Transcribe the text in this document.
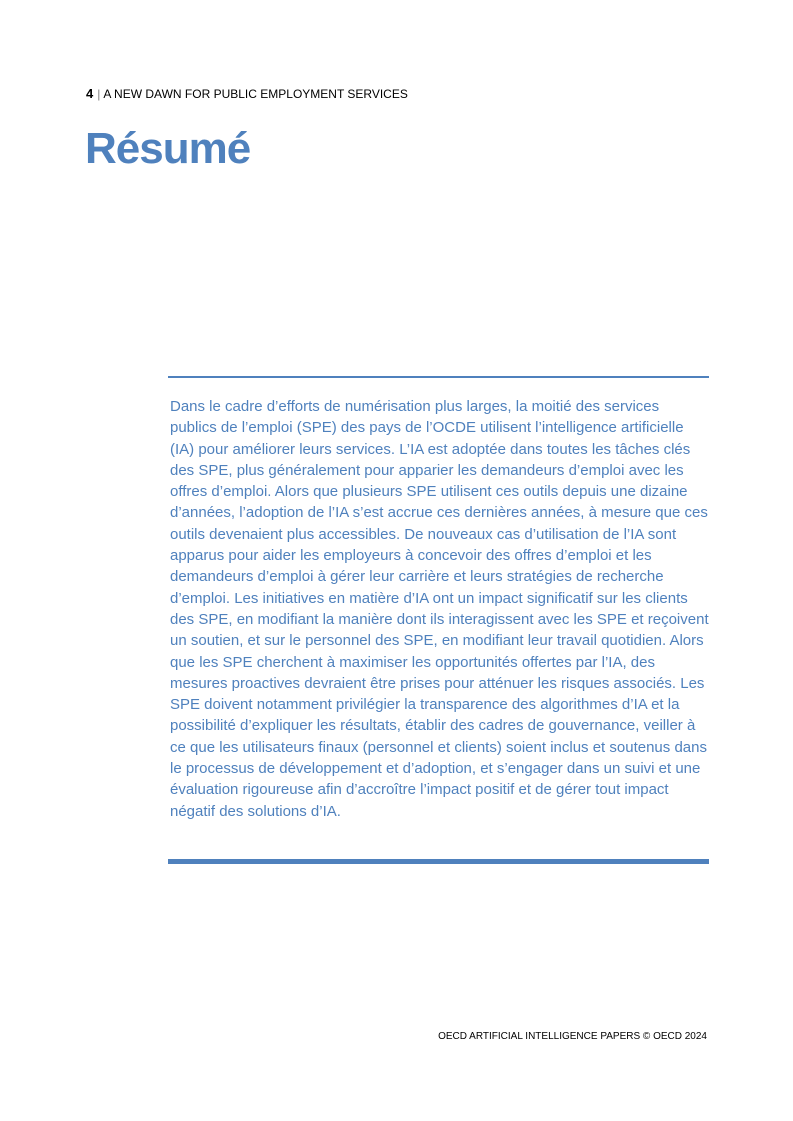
4 | A NEW DAWN FOR PUBLIC EMPLOYMENT SERVICES
Résumé

Dans le cadre d’efforts de numérisation plus larges, la moitié des services publics de l’emploi (SPE) des pays de l’OCDE utilisent l’intelligence artificielle (IA) pour améliorer leurs services. L’IA est adoptée dans toutes les tâches clés des SPE, plus généralement pour apparier les demandeurs d’emploi avec les offres d’emploi. Alors que plusieurs SPE utilisent ces outils depuis une dizaine d’années, l’adoption de l’IA s’est accrue ces dernières années, à mesure que ces outils devenaient plus accessibles. De nouveaux cas d’utilisation de l’IA sont apparus pour aider les employeurs à concevoir des offres d’emploi et les demandeurs d’emploi à gérer leur carrière et leurs stratégies de recherche d’emploi. Les initiatives en matière d’IA ont un impact significatif sur les clients des SPE, en modifiant la manière dont ils interagissent avec les SPE et reçoivent un soutien, et sur le personnel des SPE, en modifiant leur travail quotidien. Alors que les SPE cherchent à maximiser les opportunités offertes par l’IA, des mesures proactives devraient être prises pour atténuer les risques associés. Les SPE doivent notamment privilégier la transparence des algorithmes d’IA et la possibilité d’expliquer les résultats, établir des cadres de gouvernance, veiller à ce que les utilisateurs finaux (personnel et clients) soient inclus et soutenus dans le processus de développement et d’adoption, et s’engager dans un suivi et une évaluation rigoureuse afin d’accroître l’impact positif et de gérer tout impact négatif des solutions d’IA.

OECD ARTIFICIAL INTELLIGENCE PAPERS © OECD 2024
